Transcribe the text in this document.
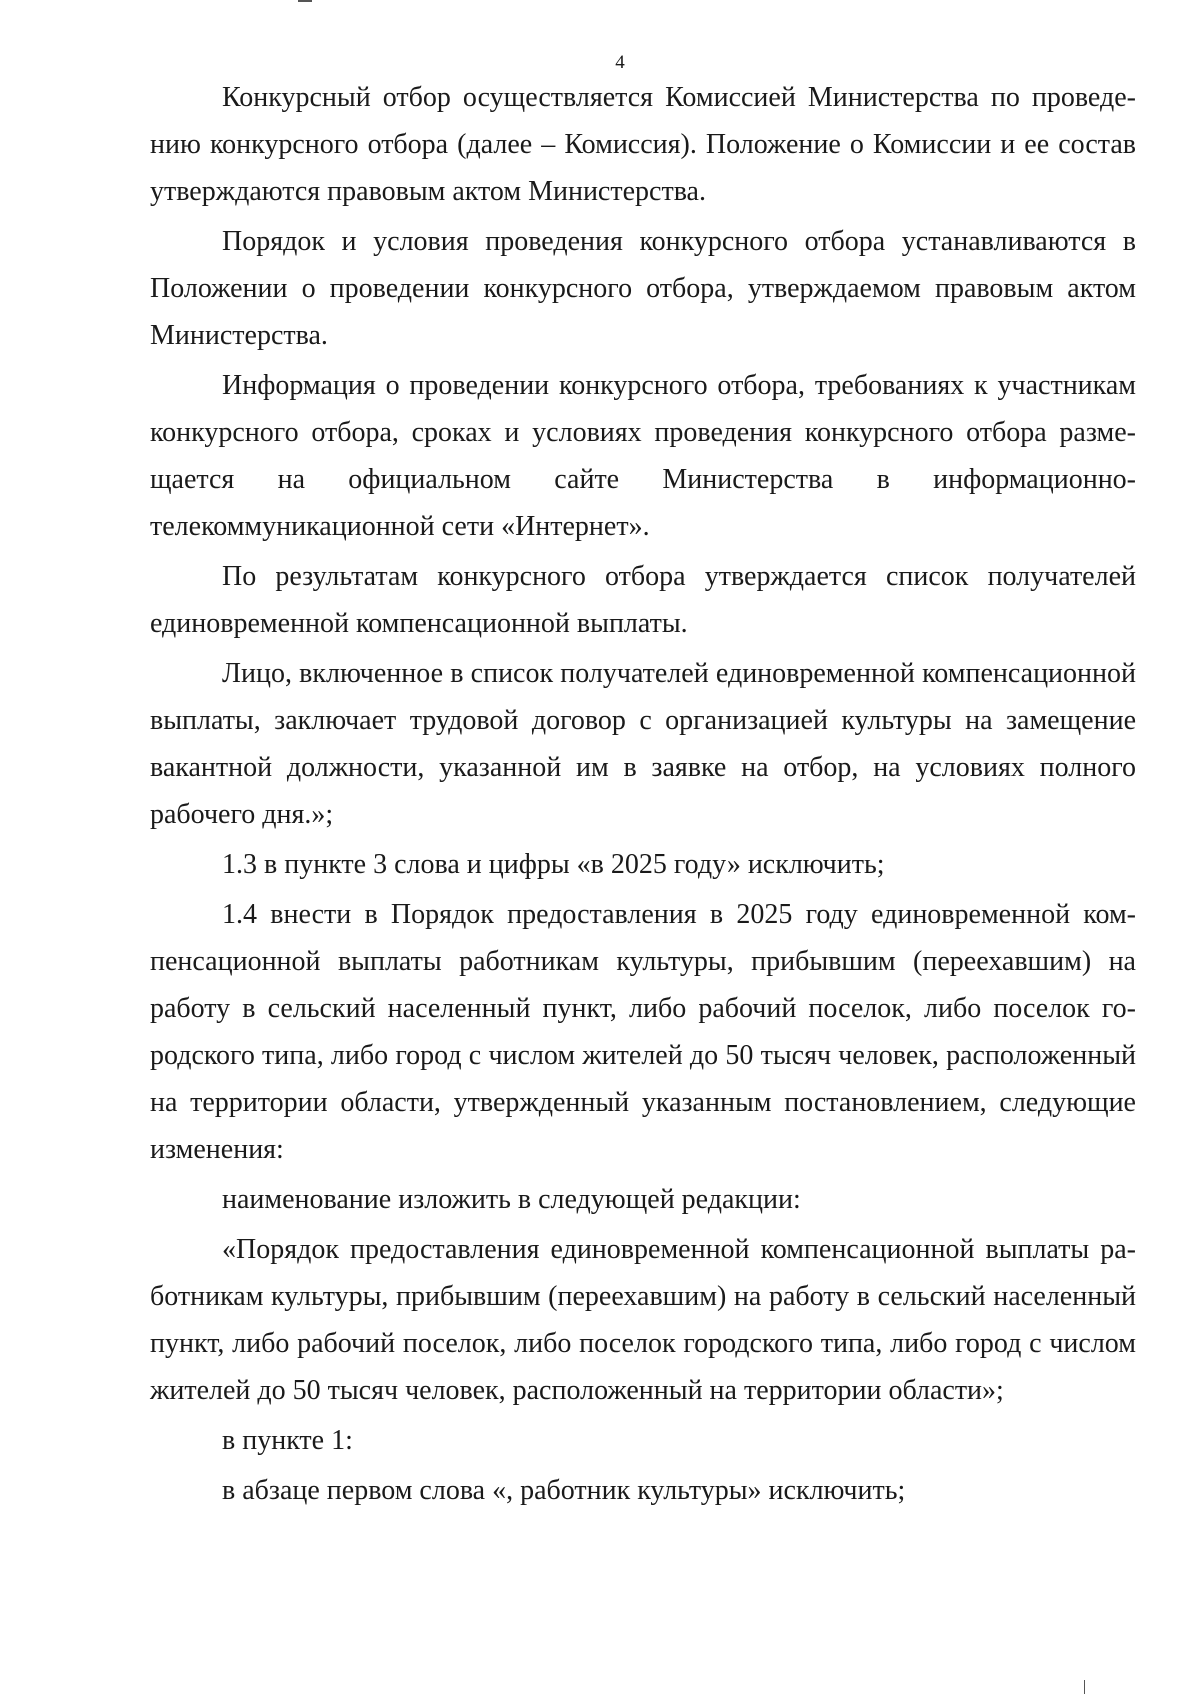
4

Конкурсный отбор осуществляется Комиссией Министерства по проведению конкурсного отбора (далее – Комиссия). Положение о Комиссии и ее состав утверждаются правовым актом Министерства.

Порядок и условия проведения конкурсного отбора устанавливаются в Положении о проведении конкурсного отбора, утверждаемом правовым актом Министерства.

Информация о проведении конкурсного отбора, требованиях к участникам конкурсного отбора, сроках и условиях проведения конкурсного отбора размещается на официальном сайте Министерства в информационно-телекоммуникационной сети «Интернет».

По результатам конкурсного отбора утверждается список получателей единовременной компенсационной выплаты.

Лицо, включенное в список получателей единовременной компенсационной выплаты, заключает трудовой договор с организацией культуры на замещение вакантной должности, указанной им в заявке на отбор, на условиях полного рабочего дня.»;

1.3 в пункте 3 слова и цифры «в 2025 году» исключить;

1.4 внести в Порядок предоставления в 2025 году единовременной компенсационной выплаты работникам культуры, прибывшим (переехавшим) на работу в сельский населенный пункт, либо рабочий поселок, либо поселок городского типа, либо город с числом жителей до 50 тысяч человек, расположенный на территории области, утвержденный указанным постановлением, следующие изменения:

наименование изложить в следующей редакции:

«Порядок предоставления единовременной компенсационной выплаты работникам культуры, прибывшим (переехавшим) на работу в сельский населенный пункт, либо рабочий поселок, либо поселок городского типа, либо город с числом жителей до 50 тысяч человек, расположенный на территории области»;

в пункте 1:

в абзаце первом слова «, работник культуры» исключить;
